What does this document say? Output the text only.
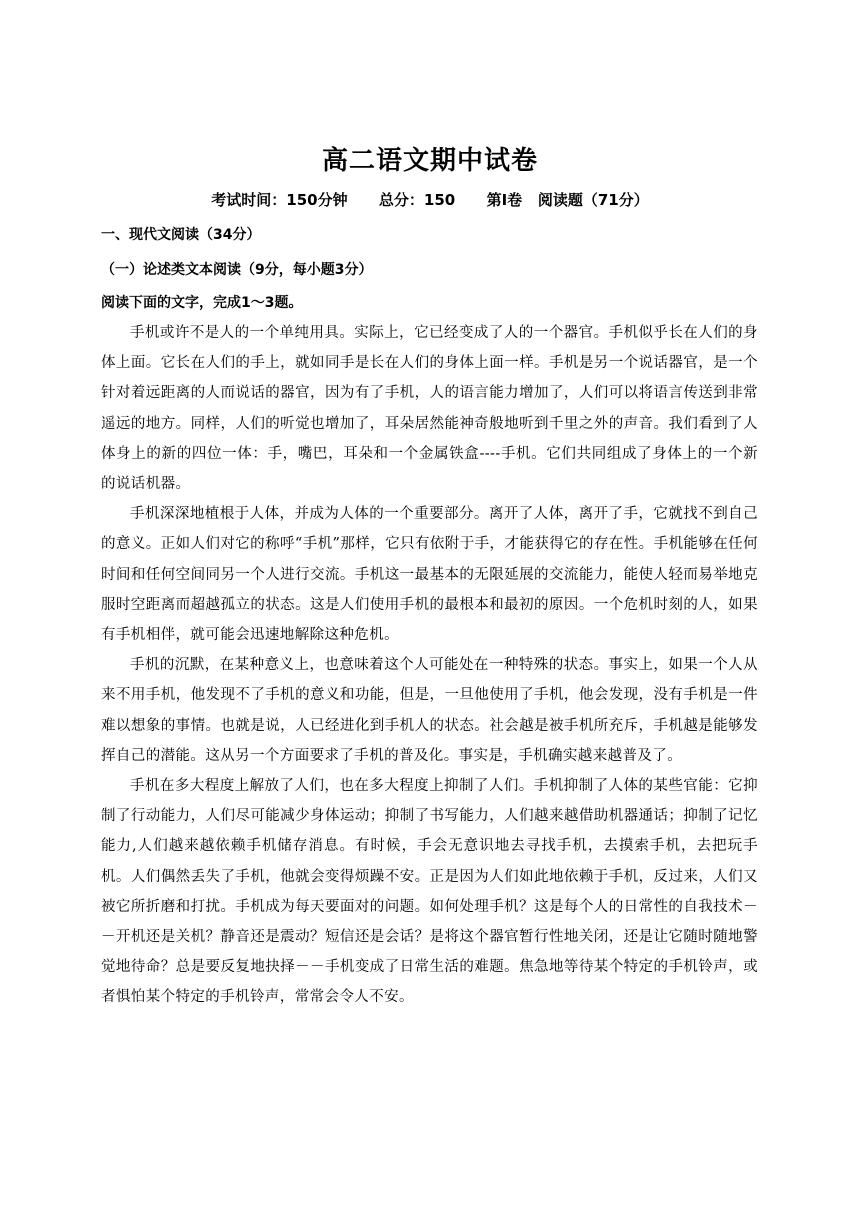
高二语文期中试卷
考试时间：150分钟      总分：150      第Ⅰ卷   阅读题（71分）
一、现代文阅读（34分）
（一）论述类文本阅读（9分，每小题3分）
阅读下面的文字，完成1～3题。

手机或许不是人的一个单纯用具。实际上，它已经变成了人的一个器官。手机似乎长在人们的身体上面。它长在人们的手上，就如同手是长在人们的身体上面一样。手机是另一个说话器官，是一个针对着远距离的人而说话的器官，因为有了手机，人的语言能力增加了，人们可以将语言传送到非常遥远的地方。同样，人们的听觉也增加了，耳朵居然能神奇般地听到千里之外的声音。我们看到了人体身上的新的四位一体：手，嘴巴，耳朵和一个金属铁盒----手机。它们共同组成了身体上的一个新的说话机器。

手机深深地植根于人体，并成为人体的一个重要部分。离开了人体，离开了手，它就找不到自己的意义。正如人们对它的称呼“手机”那样，它只有依附于手，才能获得它的存在性。手机能够在任何时间和任何空间同另一个人进行交流。手机这一最基本的无限延展的交流能力，能使人轻而易举地克服时空距离而超越孤立的状态。这是人们使用手机的最根本和最初的原因。一个危机时刻的人，如果有手机相伴，就可能会迅速地解除这种危机。

手机的沉默，在某种意义上，也意味着这个人可能处在一种特殊的状态。事实上，如果一个人从来不用手机，他发现不了手机的意义和功能，但是，一旦他使用了手机，他会发现，没有手机是一件难以想象的事情。也就是说，人已经进化到手机人的状态。社会越是被手机所充斥，手机越是能够发挥自己的潜能。这从另一个方面要求了手机的普及化。事实是，手机确实越来越普及了。

手机在多大程度上解放了人们，也在多大程度上抑制了人们。手机抑制了人体的某些官能：它抑制了行动能力，人们尽可能减少身体运动；抑制了书写能力，人们越来越借助机器通话；抑制了记忆能力,人们越来越依赖手机储存消息。有时候，手会无意识地去寻找手机，去摸索手机，去把玩手机。人们偶然丢失了手机，他就会变得烦躁不安。正是因为人们如此地依赖于手机，反过来，人们又被它所折磨和打扰。手机成为每天要面对的问题。如何处理手机？这是每个人的日常性的自我技术－－开机还是关机？静音还是震动？短信还是会话？是将这个器官暂行性地关闭，还是让它随时随地警觉地待命？总是要反复地抉择－－手机变成了日常生活的难题。焦急地等待某个特定的手机铃声，或者惧怕某个特定的手机铃声，常常会令人不安。
